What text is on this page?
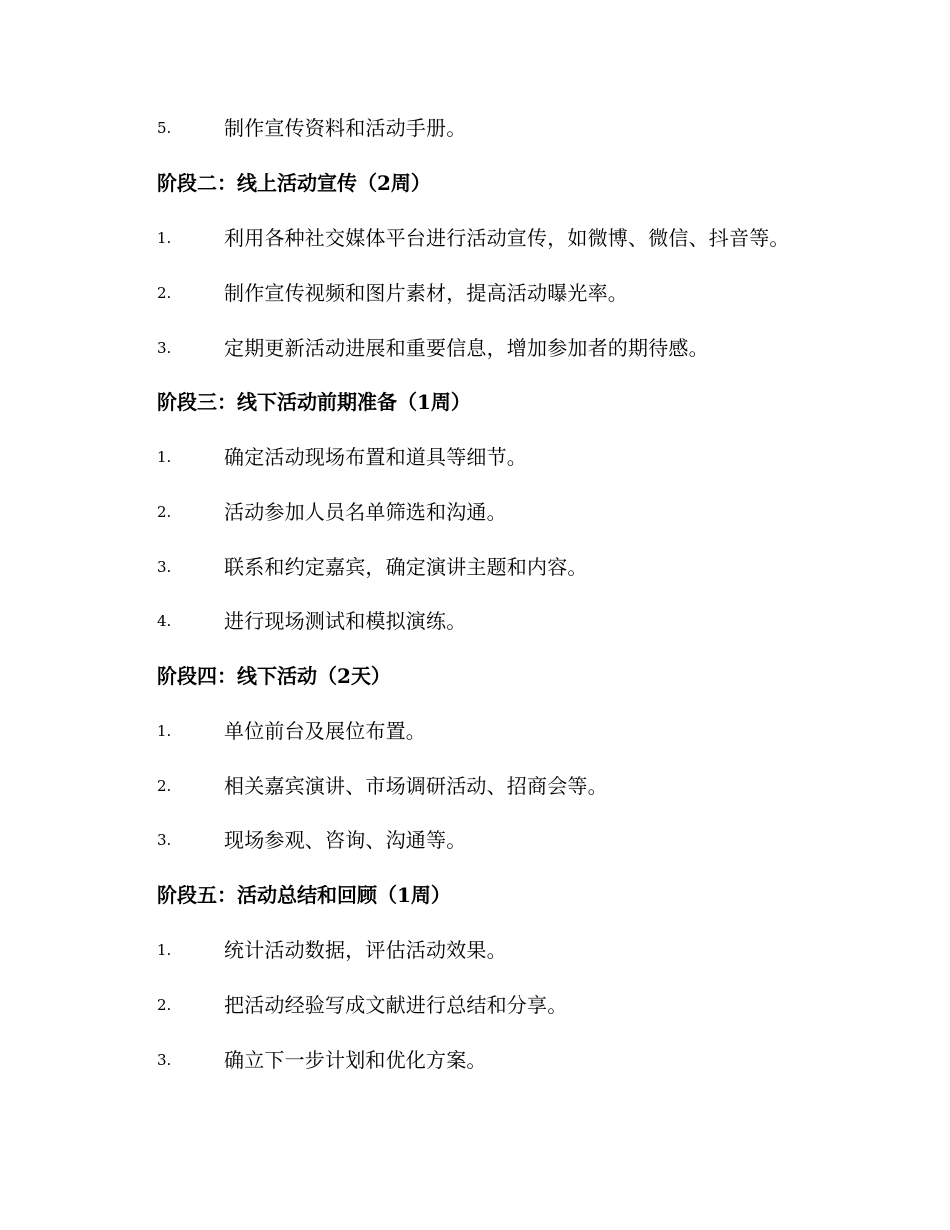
5.	制作宣传资料和活动手册。
阶段二：线上活动宣传（2周）
1.	利用各种社交媒体平台进行活动宣传，如微博、微信、抖音等。
2.	制作宣传视频和图片素材，提高活动曝光率。
3.	定期更新活动进展和重要信息，增加参加者的期待感。
阶段三：线下活动前期准备（1周）
1.	确定活动现场布置和道具等细节。
2.	活动参加人员名单筛选和沟通。
3.	联系和约定嘉宾，确定演讲主题和内容。
4.	进行现场测试和模拟演练。
阶段四：线下活动（2天）
1.	单位前台及展位布置。
2.	相关嘉宾演讲、市场调研活动、招商会等。
3.	现场参观、咨询、沟通等。
阶段五：活动总结和回顾（1周）
1.	统计活动数据，评估活动效果。
2.	把活动经验写成文献进行总结和分享。
3.	确立下一步计划和优化方案。
